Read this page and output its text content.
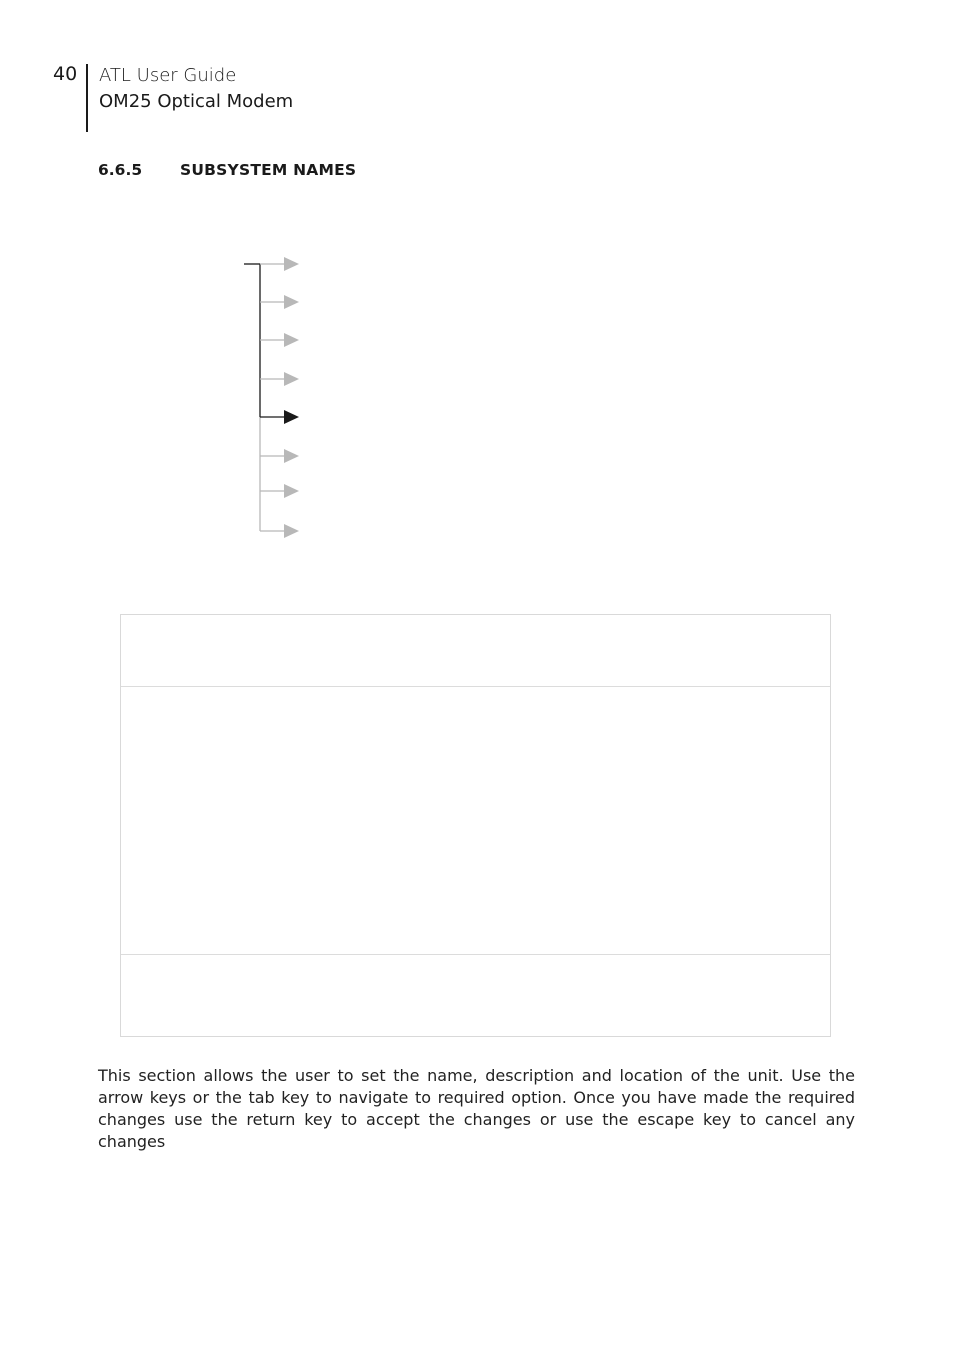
40 ATL User Guide
OM25 Optical Modem
6.6.5 SUBSYSTEM NAMES
This section allows the user to set the name, description and location of the unit. Use the arrow keys or the tab key to navigate to required option. Once you have made the required changes use the return key to accept the changes or use the escape key to cancel any changes
